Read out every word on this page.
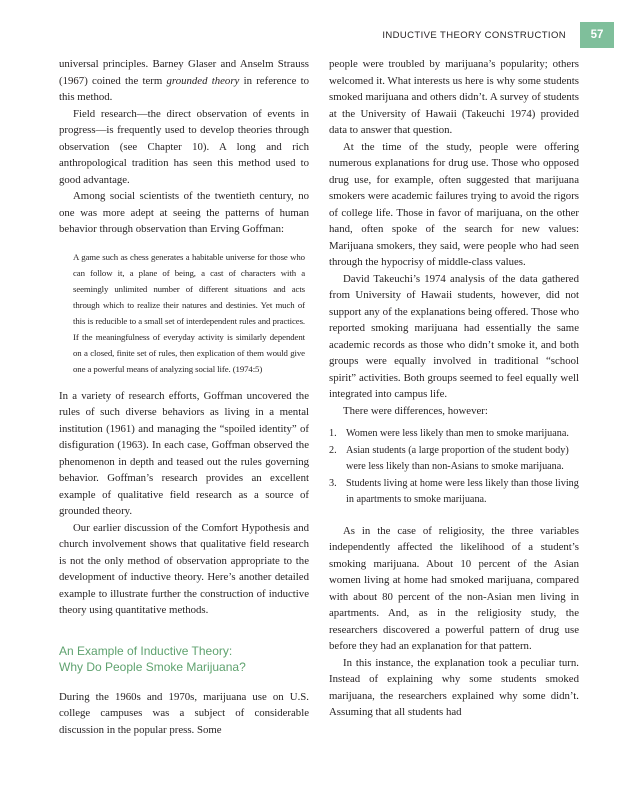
INDUCTIVE THEORY CONSTRUCTION	57

universal principles. Barney Glaser and Anselm Strauss (1967) coined the term grounded theory in reference to this method.

Field research—the direct observation of events in progress—is frequently used to develop theories through observation (see Chapter 10). A long and rich anthropological tradition has seen this method used to good advantage.

Among social scientists of the twentieth century, no one was more adept at seeing the patterns of human behavior through observation than Erving Goffman:

A game such as chess generates a habitable universe for those who can follow it, a plane of being, a cast of characters with a seemingly unlimited number of different situations and acts through which to realize their natures and destinies. Yet much of this is reducible to a small set of interdependent rules and practices. If the meaningfulness of everyday activity is similarly dependent on a closed, finite set of rules, then explication of them would give one a powerful means of analyzing social life. (1974:5)

In a variety of research efforts, Goffman uncovered the rules of such diverse behaviors as living in a mental institution (1961) and managing the “spoiled identity” of disfiguration (1963). In each case, Goffman observed the phenomenon in depth and teased out the rules governing behavior. Goffman’s research provides an excellent example of qualitative field research as a source of grounded theory.

Our earlier discussion of the Comfort Hypothesis and church involvement shows that qualitative field research is not the only method of observation appropriate to the development of inductive theory. Here’s another detailed example to illustrate further the construction of inductive theory using quantitative methods.

An Example of Inductive Theory:
Why Do People Smoke Marijuana?

During the 1960s and 1970s, marijuana use on U.S. college campuses was a subject of considerable discussion in the popular press. Some

people were troubled by marijuana’s popularity; others welcomed it. What interests us here is why some students smoked marijuana and others didn’t. A survey of students at the University of Hawaii (Takeuchi 1974) provided data to answer that question.

At the time of the study, people were offering numerous explanations for drug use. Those who opposed drug use, for example, often suggested that marijuana smokers were academic failures trying to avoid the rigors of college life. Those in favor of marijuana, on the other hand, often spoke of the search for new values: Marijuana smokers, they said, were people who had seen through the hypocrisy of middle-class values.

David Takeuchi’s 1974 analysis of the data gathered from University of Hawaii students, however, did not support any of the explanations being offered. Those who reported smoking marijuana had essentially the same academic records as those who didn’t smoke it, and both groups were equally involved in traditional “school spirit” activities. Both groups seemed to feel equally well integrated into campus life.

There were differences, however:

1. Women were less likely than men to smoke marijuana.
2. Asian students (a large proportion of the student body) were less likely than non-Asians to smoke marijuana.
3. Students living at home were less likely than those living in apartments to smoke marijuana.

As in the case of religiosity, the three variables independently affected the likelihood of a student’s smoking marijuana. About 10 percent of the Asian women living at home had smoked marijuana, compared with about 80 percent of the non-Asian men living in apartments. And, as in the religiosity study, the researchers discovered a powerful pattern of drug use before they had an explanation for that pattern.

In this instance, the explanation took a peculiar turn. Instead of explaining why some students smoked marijuana, the researchers explained why some didn’t. Assuming that all students had
